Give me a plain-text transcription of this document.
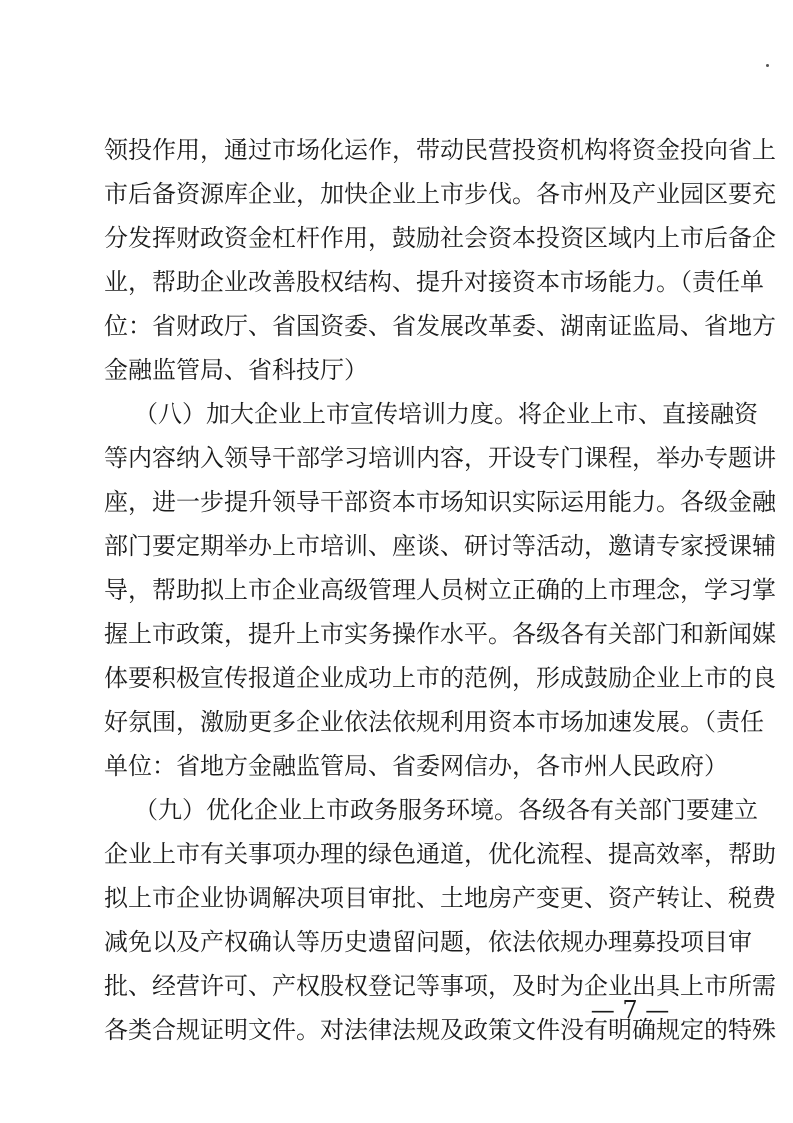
领投作用，通过市场化运作，带动民营投资机构将资金投向省上
市后备资源库企业，加快企业上市步伐。各市州及产业园区要充
分发挥财政资金杠杆作用，鼓励社会资本投资区域内上市后备企
业，帮助企业改善股权结构、提升对接资本市场能力。（责任单
位：省财政厅、省国资委、省发展改革委、湖南证监局、省地方
金融监管局、省科技厅）
（八）加大企业上市宣传培训力度。将企业上市、直接融资
等内容纳入领导干部学习培训内容，开设专门课程，举办专题讲
座，进一步提升领导干部资本市场知识实际运用能力。各级金融
部门要定期举办上市培训、座谈、研讨等活动，邀请专家授课辅
导，帮助拟上市企业高级管理人员树立正确的上市理念，学习掌
握上市政策，提升上市实务操作水平。各级各有关部门和新闻媒
体要积极宣传报道企业成功上市的范例，形成鼓励企业上市的良
好氛围，激励更多企业依法依规利用资本市场加速发展。（责任
单位：省地方金融监管局、省委网信办，各市州人民政府）
（九）优化企业上市政务服务环境。各级各有关部门要建立
企业上市有关事项办理的绿色通道，优化流程、提高效率，帮助
拟上市企业协调解决项目审批、土地房产变更、资产转让、税费
减免以及产权确认等历史遗留问题，依法依规办理募投项目审
批、经营许可、产权股权登记等事项，及时为企业出具上市所需
各类合规证明文件。对法律法规及政策文件没有明确规定的特殊
— 7 —
